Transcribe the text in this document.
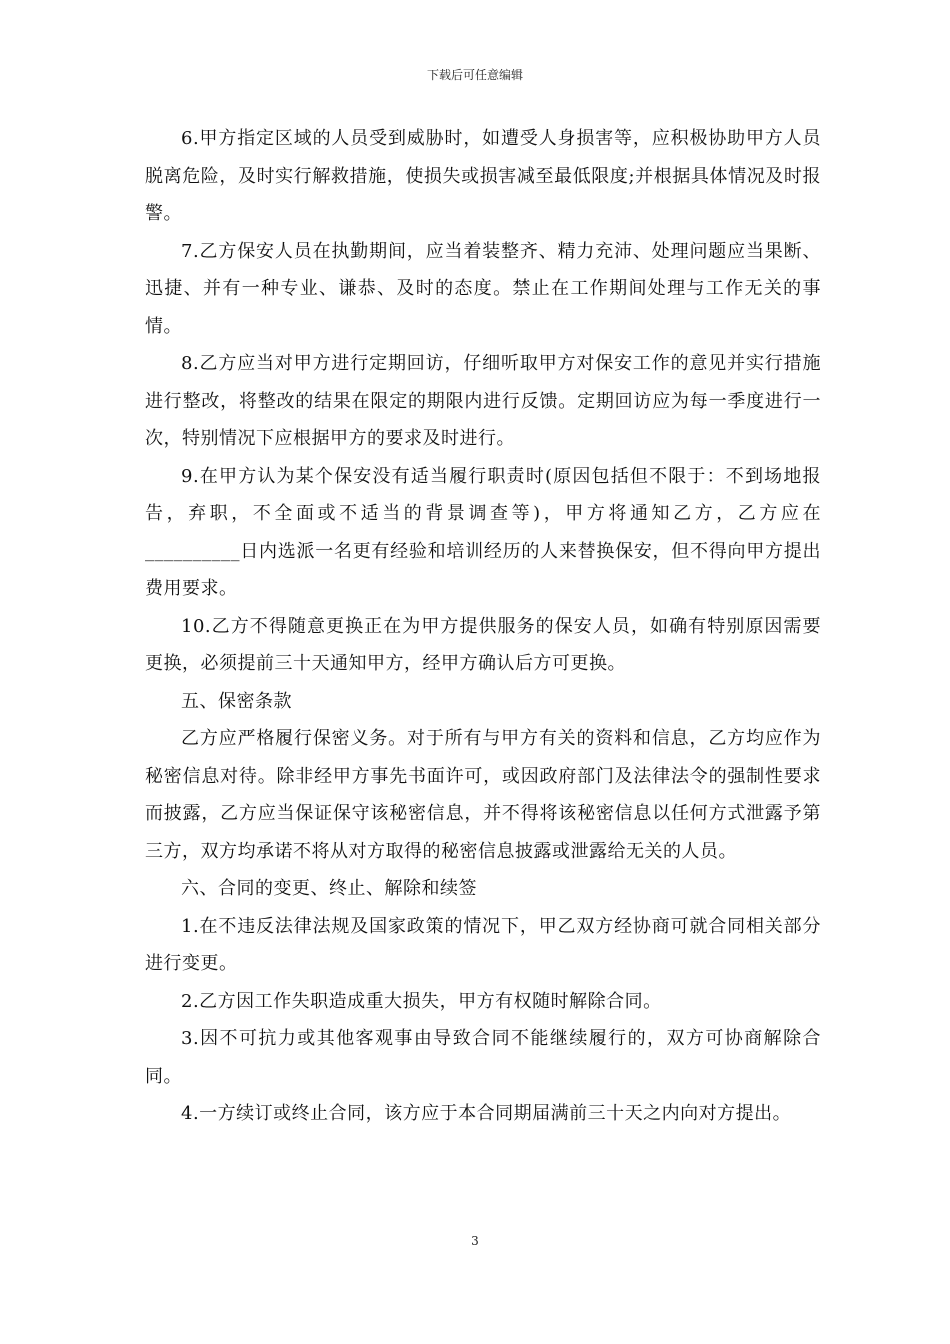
下载后可任意编辑

6.甲方指定区域的人员受到威胁时，如遭受人身损害等，应积极协助甲方人员脱离危险，及时实行解救措施，使损失或损害减至最低限度;并根据具体情况及时报警。

7.乙方保安人员在执勤期间，应当着装整齐、精力充沛、处理问题应当果断、迅捷、并有一种专业、谦恭、及时的态度。禁止在工作期间处理与工作无关的事情。

8.乙方应当对甲方进行定期回访，仔细听取甲方对保安工作的意见并实行措施进行整改，将整改的结果在限定的期限内进行反馈。定期回访应为每一季度进行一次，特别情况下应根据甲方的要求及时进行。

9.在甲方认为某个保安没有适当履行职责时(原因包括但不限于：不到场地报告，弃职，不全面或不适当的背景调查等)，甲方将通知乙方，乙方应在__________日内选派一名更有经验和培训经历的人来替换保安，但不得向甲方提出费用要求。

10.乙方不得随意更换正在为甲方提供服务的保安人员，如确有特别原因需要更换，必须提前三十天通知甲方，经甲方确认后方可更换。

五、保密条款

乙方应严格履行保密义务。对于所有与甲方有关的资料和信息，乙方均应作为秘密信息对待。除非经甲方事先书面许可，或因政府部门及法律法令的强制性要求而披露，乙方应当保证保守该秘密信息，并不得将该秘密信息以任何方式泄露予第三方，双方均承诺不将从对方取得的秘密信息披露或泄露给无关的人员。

六、合同的变更、终止、解除和续签

1.在不违反法律法规及国家政策的情况下，甲乙双方经协商可就合同相关部分进行变更。

2.乙方因工作失职造成重大损失，甲方有权随时解除合同。

3.因不可抗力或其他客观事由导致合同不能继续履行的，双方可协商解除合同。

4.一方续订或终止合同，该方应于本合同期届满前三十天之内向对方提出。

3
